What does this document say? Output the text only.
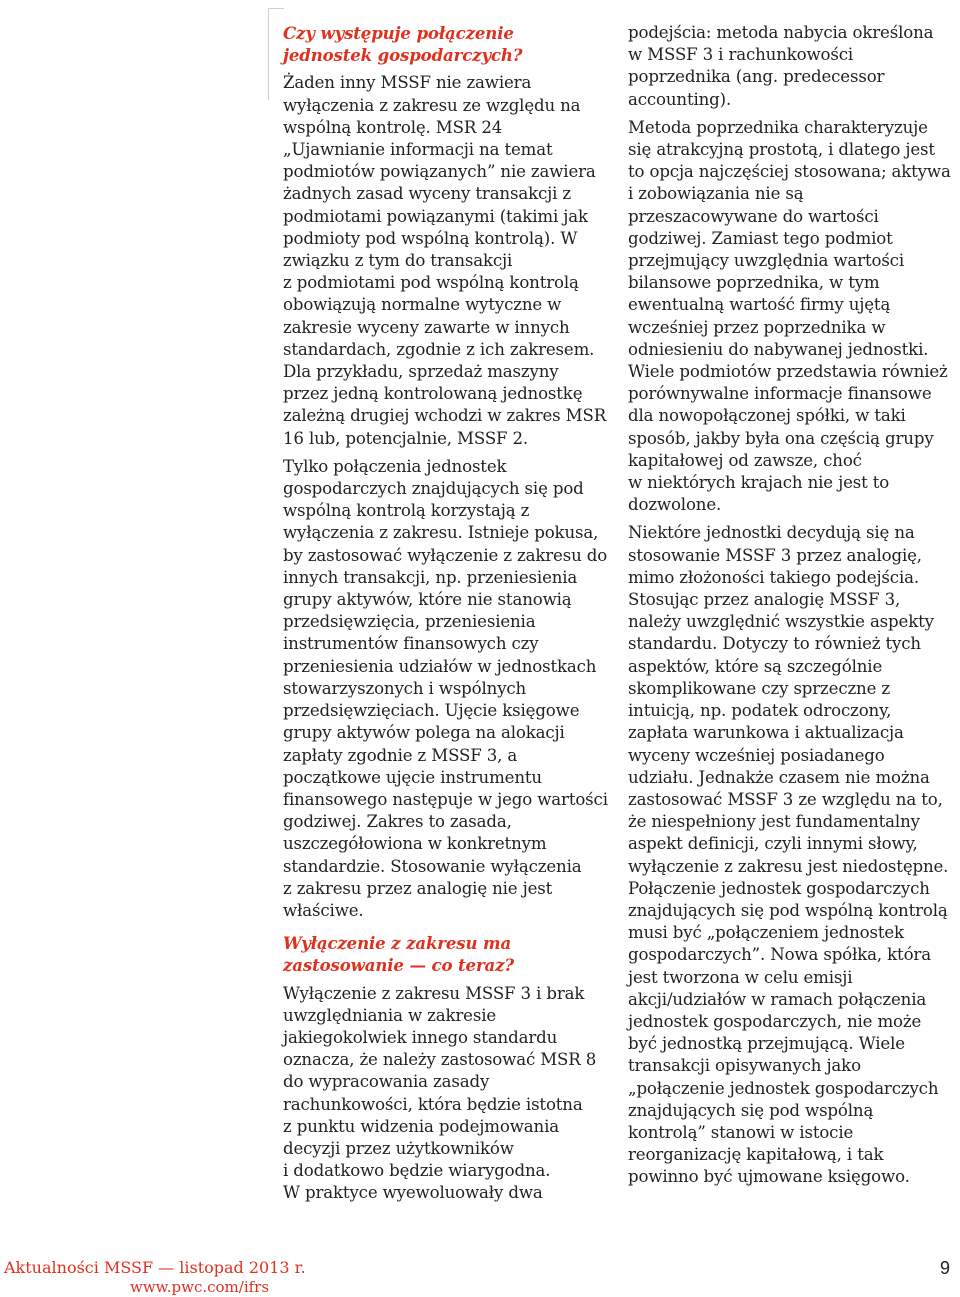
Czy występuje połączenie
jednostek gospodarczych?
Żaden inny MSSF nie zawiera
wyłączenia z zakresu ze względu na
wspólną kontrolę. MSR 24
„Ujawnianie informacji na temat
podmiotów powiązanych” nie zawiera
żadnych zasad wyceny transakcji z
podmiotami powiązanymi (takimi jak
podmioty pod wspólną kontrolą). W
związku z tym do transakcji
z podmiotami pod wspólną kontrolą
obowiązują normalne wytyczne w
zakresie wyceny zawarte w innych
standardach, zgodnie z ich zakresem.
Dla przykładu, sprzedaż maszyny
przez jedną kontrolowaną jednostkę
zależną drugiej wchodzi w zakres MSR
16 lub, potencjalnie, MSSF 2.
Tylko połączenia jednostek
gospodarczych znajdujących się pod
wspólną kontrolą korzystają z
wyłączenia z zakresu. Istnieje pokusa,
by zastosować wyłączenie z zakresu do
innych transakcji, np. przeniesienia
grupy aktywów, które nie stanowią
przedsięwzięcia, przeniesienia
instrumentów finansowych czy
przeniesienia udziałów w jednostkach
stowarzyszonych i wspólnych
przedsięwzięciach. Ujęcie księgowe
grupy aktywów polega na alokacji
zapłaty zgodnie z MSSF 3, a
początkowe ujęcie instrumentu
finansowego następuje w jego wartości
godziwej. Zakres to zasada,
uszczegółowiona w konkretnym
standardzie. Stosowanie wyłączenia
z zakresu przez analogię nie jest
właściwe.
Wyłączenie z zakresu ma
zastosowanie — co teraz?
Wyłączenie z zakresu MSSF 3 i brak
uwzględniania w zakresie
jakiegokolwiek innego standardu
oznacza, że należy zastosować MSR 8
do wypracowania zasady
rachunkowości, która będzie istotna
z punktu widzenia podejmowania
decyzji przez użytkowników
i dodatkowo będzie wiarygodna.
W praktyce wyewoluowały dwa
podejścia: metoda nabycia określona
w MSSF 3 i rachunkowości
poprzednika (ang. predecessor
accounting).
Metoda poprzednika charakteryzuje
się atrakcyjną prostotą, i dlatego jest
to opcja najczęściej stosowana; aktywa
i zobowiązania nie są
przeszacowywane do wartości
godziwej. Zamiast tego podmiot
przejmujący uwzględnia wartości
bilansowe poprzednika, w tym
ewentualną wartość firmy ujętą
wcześniej przez poprzednika w
odniesieniu do nabywanej jednostki.
Wiele podmiotów przedstawia również
porównywalne informacje finansowe
dla nowopołączonej spółki, w taki
sposób, jakby była ona częścią grupy
kapitałowej od zawsze, choć
w niektórych krajach nie jest to
dozwolone.
Niektóre jednostki decydują się na
stosowanie MSSF 3 przez analogię,
mimo złożoności takiego podejścia.
Stosując przez analogię MSSF 3,
należy uwzględnić wszystkie aspekty
standardu. Dotyczy to również tych
aspektów, które są szczególnie
skomplikowane czy sprzeczne z
intuicją, np. podatek odroczony,
zapłata warunkowa i aktualizacja
wyceny wcześniej posiadanego
udziału. Jednakże czasem nie można
zastosować MSSF 3 ze względu na to,
że niespełniony jest fundamentalny
aspekt definicji, czyli innymi słowy,
wyłączenie z zakresu jest niedostępne.
Połączenie jednostek gospodarczych
znajdujących się pod wspólną kontrolą
musi być „połączeniem jednostek
gospodarczych”. Nowa spółka, która
jest tworzona w celu emisji
akcji/udziałów w ramach połączenia
jednostek gospodarczych, nie może
być jednostką przejmującą. Wiele
transakcji opisywanych jako
„połączenie jednostek gospodarczych
znajdujących się pod wspólną
kontrolą” stanowi w istocie
reorganizację kapitałową, i tak
powinno być ujmowane księgowo.
Aktualności MSSF — listopad 2013 r.
www.pwc.com/ifrs
9
